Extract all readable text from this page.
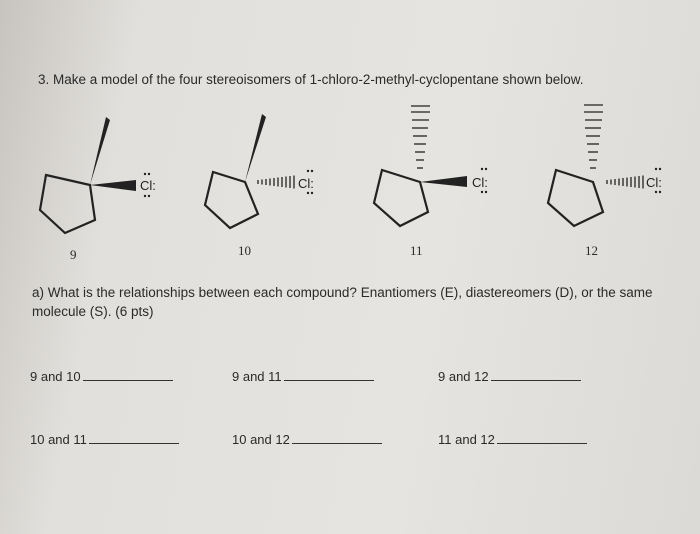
3. Make a model of the four stereoisomers of 1-chloro-2-methyl-cyclopentane shown below.
Cl:	Cl:	Cl:	Cl:
9	10	11	12
a) What is the relationships between each compound? Enantiomers (E), diastereomers (D), or the same molecule (S). (6 pts)
9 and 10	9 and 11	9 and 12
10 and 11	10 and 12	11 and 12
